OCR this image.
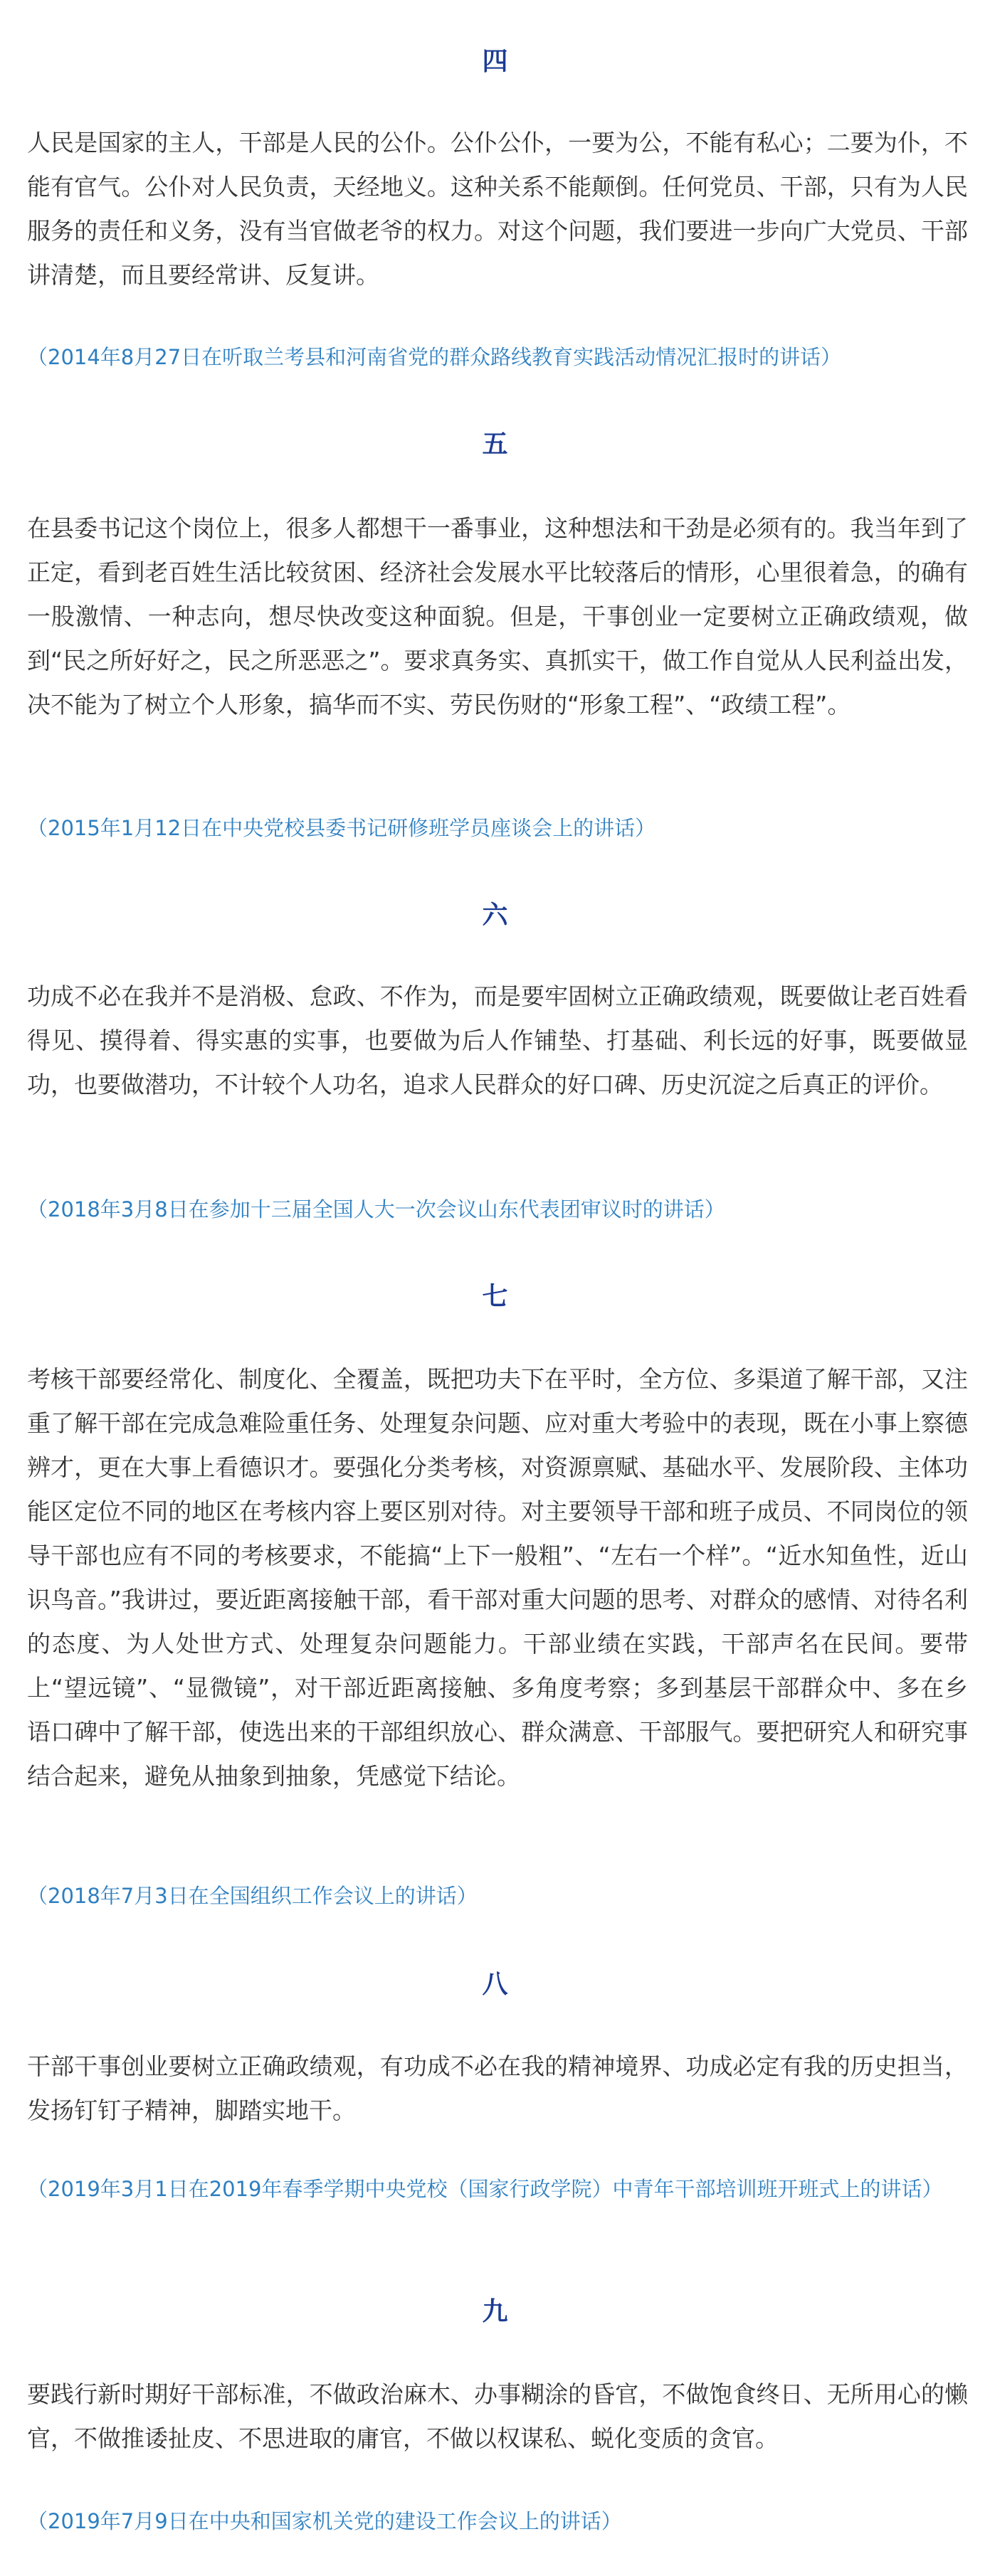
四

人民是国家的主人，干部是人民的公仆。公仆公仆，一要为公，不能有私心；二要为仆，不能有官气。公仆对人民负责，天经地义。这种关系不能颠倒。任何党员、干部，只有为人民服务的责任和义务，没有当官做老爷的权力。对这个问题，我们要进一步向广大党员、干部讲清楚，而且要经常讲、反复讲。

（2014年8月27日在听取兰考县和河南省党的群众路线教育实践活动情况汇报时的讲话）

五

在县委书记这个岗位上，很多人都想干一番事业，这种想法和干劲是必须有的。我当年到了正定，看到老百姓生活比较贫困、经济社会发展水平比较落后的情形，心里很着急，的确有一股激情、一种志向，想尽快改变这种面貌。但是，干事创业一定要树立正确政绩观，做到“民之所好好之，民之所恶恶之”。要求真务实、真抓实干，做工作自觉从人民利益出发，决不能为了树立个人形象，搞华而不实、劳民伤财的“形象工程”、“政绩工程”。

（2015年1月12日在中央党校县委书记研修班学员座谈会上的讲话）

六

功成不必在我并不是消极、怠政、不作为，而是要牢固树立正确政绩观，既要做让老百姓看得见、摸得着、得实惠的实事，也要做为后人作铺垫、打基础、利长远的好事，既要做显功，也要做潜功，不计较个人功名，追求人民群众的好口碑、历史沉淀之后真正的评价。

（2018年3月8日在参加十三届全国人大一次会议山东代表团审议时的讲话）

七

考核干部要经常化、制度化、全覆盖，既把功夫下在平时，全方位、多渠道了解干部，又注重了解干部在完成急难险重任务、处理复杂问题、应对重大考验中的表现，既在小事上察德辨才，更在大事上看德识才。要强化分类考核，对资源禀赋、基础水平、发展阶段、主体功能区定位不同的地区在考核内容上要区别对待。对主要领导干部和班子成员、不同岗位的领导干部也应有不同的考核要求，不能搞“上下一般粗”、“左右一个样”。“近水知鱼性，近山识鸟音。”我讲过，要近距离接触干部，看干部对重大问题的思考、对群众的感情、对待名利的态度、为人处世方式、处理复杂问题能力。干部业绩在实践，干部声名在民间。要带上“望远镜”、“显微镜”，对干部近距离接触、多角度考察；多到基层干部群众中、多在乡语口碑中了解干部，使选出来的干部组织放心、群众满意、干部服气。要把研究人和研究事结合起来，避免从抽象到抽象，凭感觉下结论。

（2018年7月3日在全国组织工作会议上的讲话）

八

干部干事创业要树立正确政绩观，有功成不必在我的精神境界、功成必定有我的历史担当，发扬钉钉子精神，脚踏实地干。

（2019年3月1日在2019年春季学期中央党校（国家行政学院）中青年干部培训班开班式上的讲话）

九

要践行新时期好干部标准，不做政治麻木、办事糊涂的昏官，不做饱食终日、无所用心的懒官，不做推诿扯皮、不思进取的庸官，不做以权谋私、蜕化变质的贪官。

（2019年7月9日在中央和国家机关党的建设工作会议上的讲话）
